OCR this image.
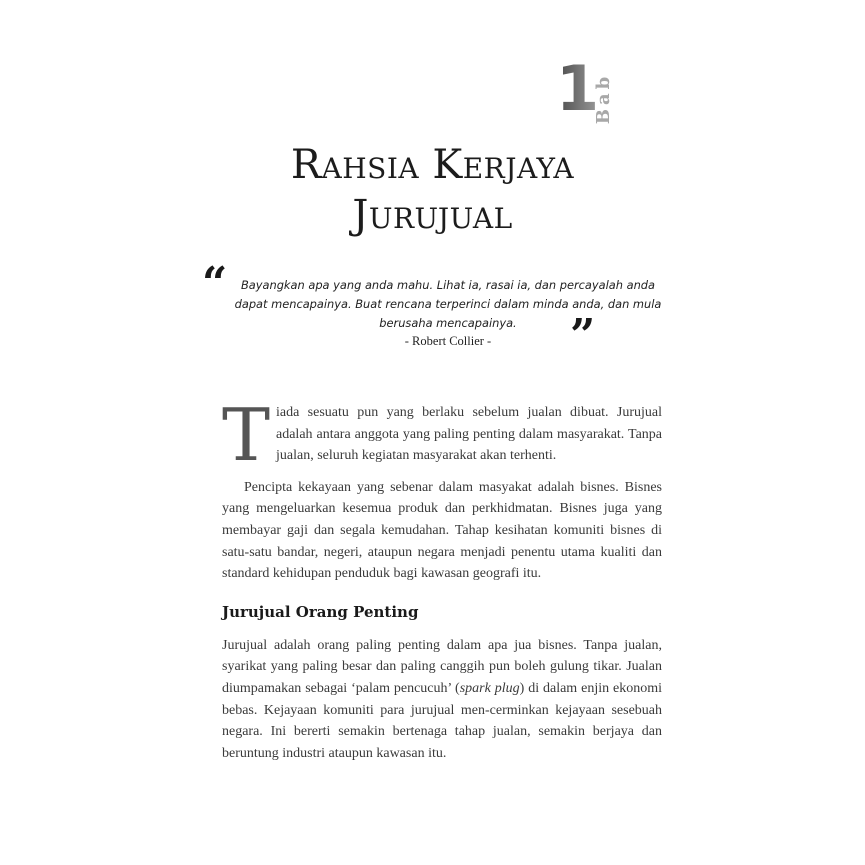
1
Bab
Rahsia Kerjaya
Jurujual
“	Bayangkan apa yang anda mahu. Lihat ia, rasai ia, dan percayalah anda dapat mencapainya. Buat rencana terperinci dalam minda anda, dan mula berusaha mencapainya.	”
- Robert Collier -

T iada sesuatu pun yang berlaku sebelum jualan dibuat. Jurujual adalah antara anggota yang paling penting dalam masyarakat. Tanpa jualan, seluruh kegiatan masyarakat akan terhenti.

Pencipta kekayaan yang sebenar dalam masyakat adalah bisnes. Bisnes yang mengeluarkan kesemua produk dan perkhidmatan. Bisnes juga yang membayar gaji dan segala kemudahan. Tahap kesihatan komuniti bisnes di satu-satu bandar, negeri, ataupun negara menjadi penentu utama kualiti dan standard kehidupan penduduk bagi kawasan geografi itu.

Jurujual Orang Penting

Jurujual adalah orang paling penting dalam apa jua bisnes. Tanpa jualan, syarikat yang paling besar dan paling canggih pun boleh gulung tikar. Jualan diumpamakan sebagai ‘palam pencucuh’ (spark plug) di dalam enjin ekonomi bebas. Kejayaan komuniti para jurujual men-cerminkan kejayaan sesebuah negara. Ini bererti semakin bertenaga tahap jualan, semakin berjaya dan beruntung industri ataupun kawasan itu.
